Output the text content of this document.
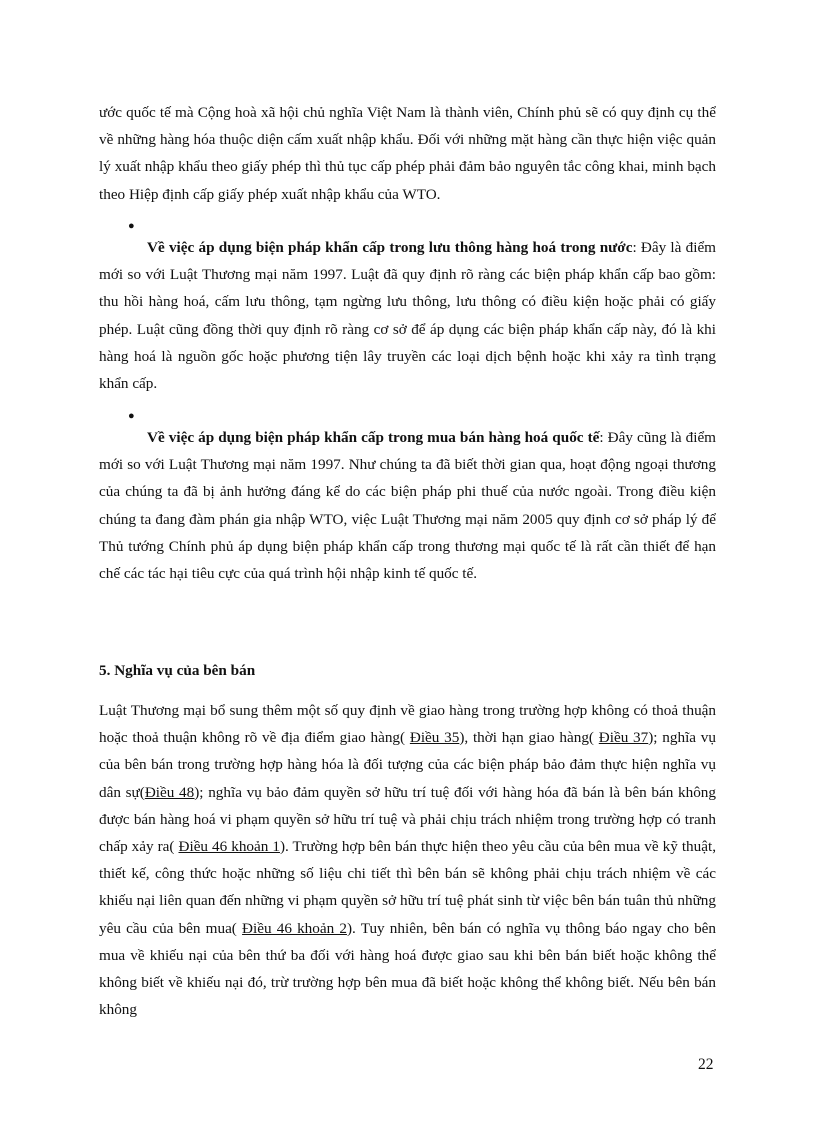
ước quốc tế mà Cộng hoà xã hội chủ nghĩa Việt Nam là thành viên, Chính phủ sẽ có quy định cụ thể về những hàng hóa thuộc diện cấm xuất nhập khẩu. Đối với những mặt hàng cần thực hiện việc quản lý xuất nhập khẩu theo giấy phép thì thủ tục cấp phép phải đảm bảo nguyên tắc công khai, minh bạch theo Hiệp định cấp giấy phép xuất nhập khẩu của WTO.

●

Về việc áp dụng biện pháp khẩn cấp trong lưu thông hàng hoá trong nước: Đây là điểm mới so với Luật Thương mại năm 1997. Luật đã quy định rõ ràng các biện pháp khẩn cấp bao gồm: thu hồi hàng hoá, cấm lưu thông, tạm ngừng lưu thông, lưu thông có điều kiện hoặc phải có giấy phép. Luật cũng đồng thời quy định rõ ràng cơ sở để áp dụng các biện pháp khẩn cấp này, đó là khi hàng hoá là nguồn gốc hoặc phương tiện lây truyền các loại dịch bệnh hoặc khi xảy ra tình trạng khẩn cấp.

●

Về việc áp dụng biện pháp khẩn cấp trong mua bán hàng hoá quốc tế: Đây cũng là điểm mới so với Luật Thương mại năm 1997. Như chúng ta đã biết thời gian qua, hoạt động ngoại thương của chúng ta đã bị ảnh hưởng đáng kể do các biện pháp phi thuế của nước ngoài. Trong điều kiện chúng ta đang đàm phán gia nhập WTO, việc Luật Thương mại năm 2005 quy định cơ sở pháp lý để Thủ tướng Chính phủ áp dụng biện pháp khẩn cấp trong thương mại quốc tế là rất cần thiết để hạn chế các tác hại tiêu cực của quá trình hội nhập kinh tế quốc tế.

5. Nghĩa vụ của bên bán

Luật Thương mại bổ sung thêm một số quy định về giao hàng trong trường hợp không có thoả thuận hoặc thoả thuận không rõ về địa điểm giao hàng( Điều 35), thời hạn giao hàng( Điều 37); nghĩa vụ của bên bán trong trường hợp hàng hóa là đối tượng của các biện pháp bảo đảm thực hiện nghĩa vụ dân sự(Điều 48); nghĩa vụ bảo đảm quyền sở hữu trí tuệ đối với hàng hóa đã bán là bên bán không được bán hàng hoá vi phạm quyền sở hữu trí tuệ và phải chịu trách nhiệm trong trường hợp có tranh chấp xảy ra( Điều 46 khoản 1). Trường hợp bên bán thực hiện theo yêu cầu của bên mua về kỹ thuật, thiết kế, công thức hoặc những số liệu chi tiết thì bên bán sẽ không phải chịu trách nhiệm về các khiếu nại liên quan đến những vi phạm quyền sở hữu trí tuệ phát sinh từ việc bên bán tuân thủ những yêu cầu của bên mua( Điều 46 khoản 2). Tuy nhiên, bên bán có nghĩa vụ thông báo ngay cho bên mua về khiếu nại của bên thứ ba đối với hàng hoá được giao sau khi bên bán biết hoặc không thể không biết về khiếu nại đó, trừ trường hợp bên mua đã biết hoặc không thể không biết. Nếu bên bán không

22
